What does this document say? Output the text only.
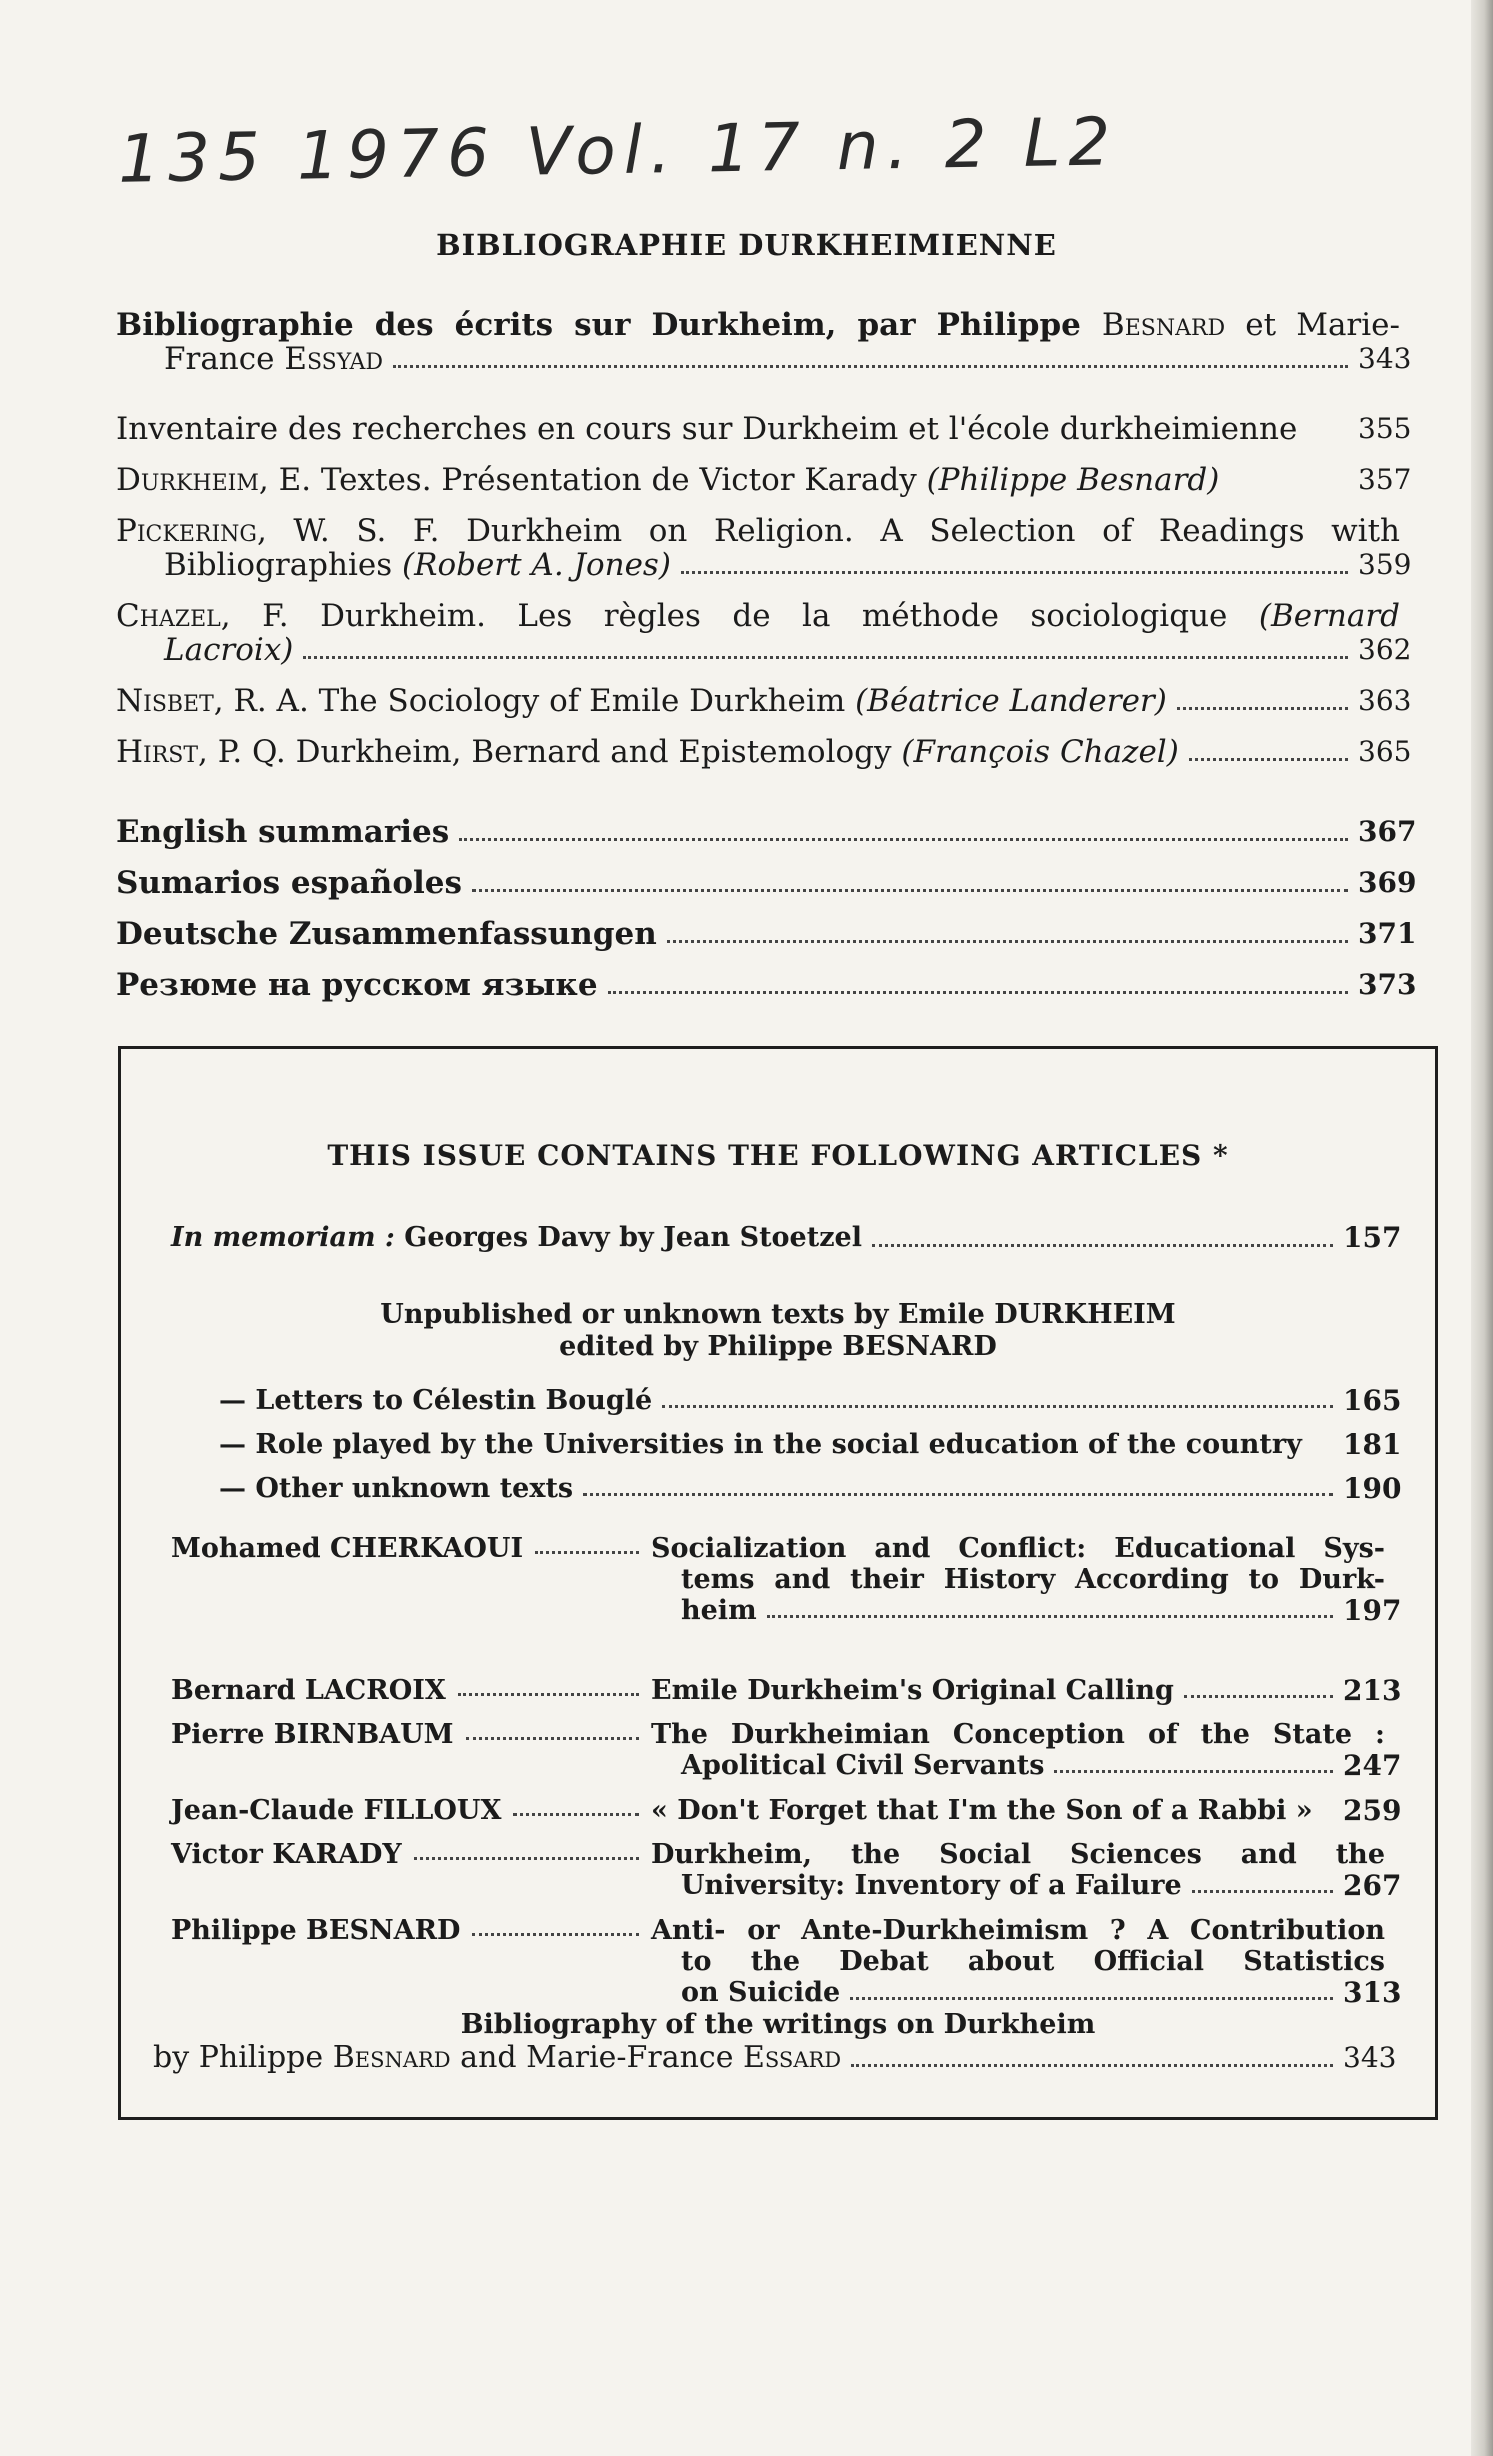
135 1976 Vol. 17 n. 2 L2
BIBLIOGRAPHIE DURKHEIMIENNE
Bibliographie des écrits sur Durkheim, par Philippe Besnard et Marie-
France Essyad	343
Inventaire des recherches en cours sur Durkheim et l'école durkheimienne 355
Durkheim, E. Textes. Présentation de Victor Karady (Philippe Besnard)	357
Pickering, W. S. F. Durkheim on Religion. A Selection of Readings with
Bibliographies (Robert A. Jones)	359
Chazel, F. Durkheim. Les règles de la méthode sociologique (Bernard
Lacroix)	362
Nisbet, R. A. The Sociology of Emile Durkheim (Béatrice Landerer)	363
Hirst, P. Q. Durkheim, Bernard and Epistemology (François Chazel)	365
English summaries	367
Sumarios españoles	369
Deutsche Zusammenfassungen	371
Резюме на русском языке	373
THIS ISSUE CONTAINS THE FOLLOWING ARTICLES *
In memoriam : Georges Davy by Jean Stoetzel	157
Unpublished or unknown texts by Emile DURKHEIM
edited by Philippe BESNARD
— Letters to Célestin Bouglé	165
— Role played by the Universities in the social education of the country 181
— Other unknown texts	190
Mohamed CHERKAOUI	Socialization and Conflict: Educational Sys-
tems and their History According to Durk-
heim	197
Bernard LACROIX	Emile Durkheim's Original Calling	213
Pierre BIRNBAUM	The Durkheimian Conception of the State :
Apolitical Civil Servants	247
Jean-Claude FILLOUX	« Don't Forget that I'm the Son of a Rabbi » 259
Victor KARADY	Durkheim, the Social Sciences and the
University: Inventory of a Failure	267
Philippe BESNARD	Anti- or Ante-Durkheimism ? A Contribution
to the Debat about Official Statistics
on Suicide	313
Bibliography of the writings on Durkheim
by Philippe Besnard and Marie-France Essard	343
